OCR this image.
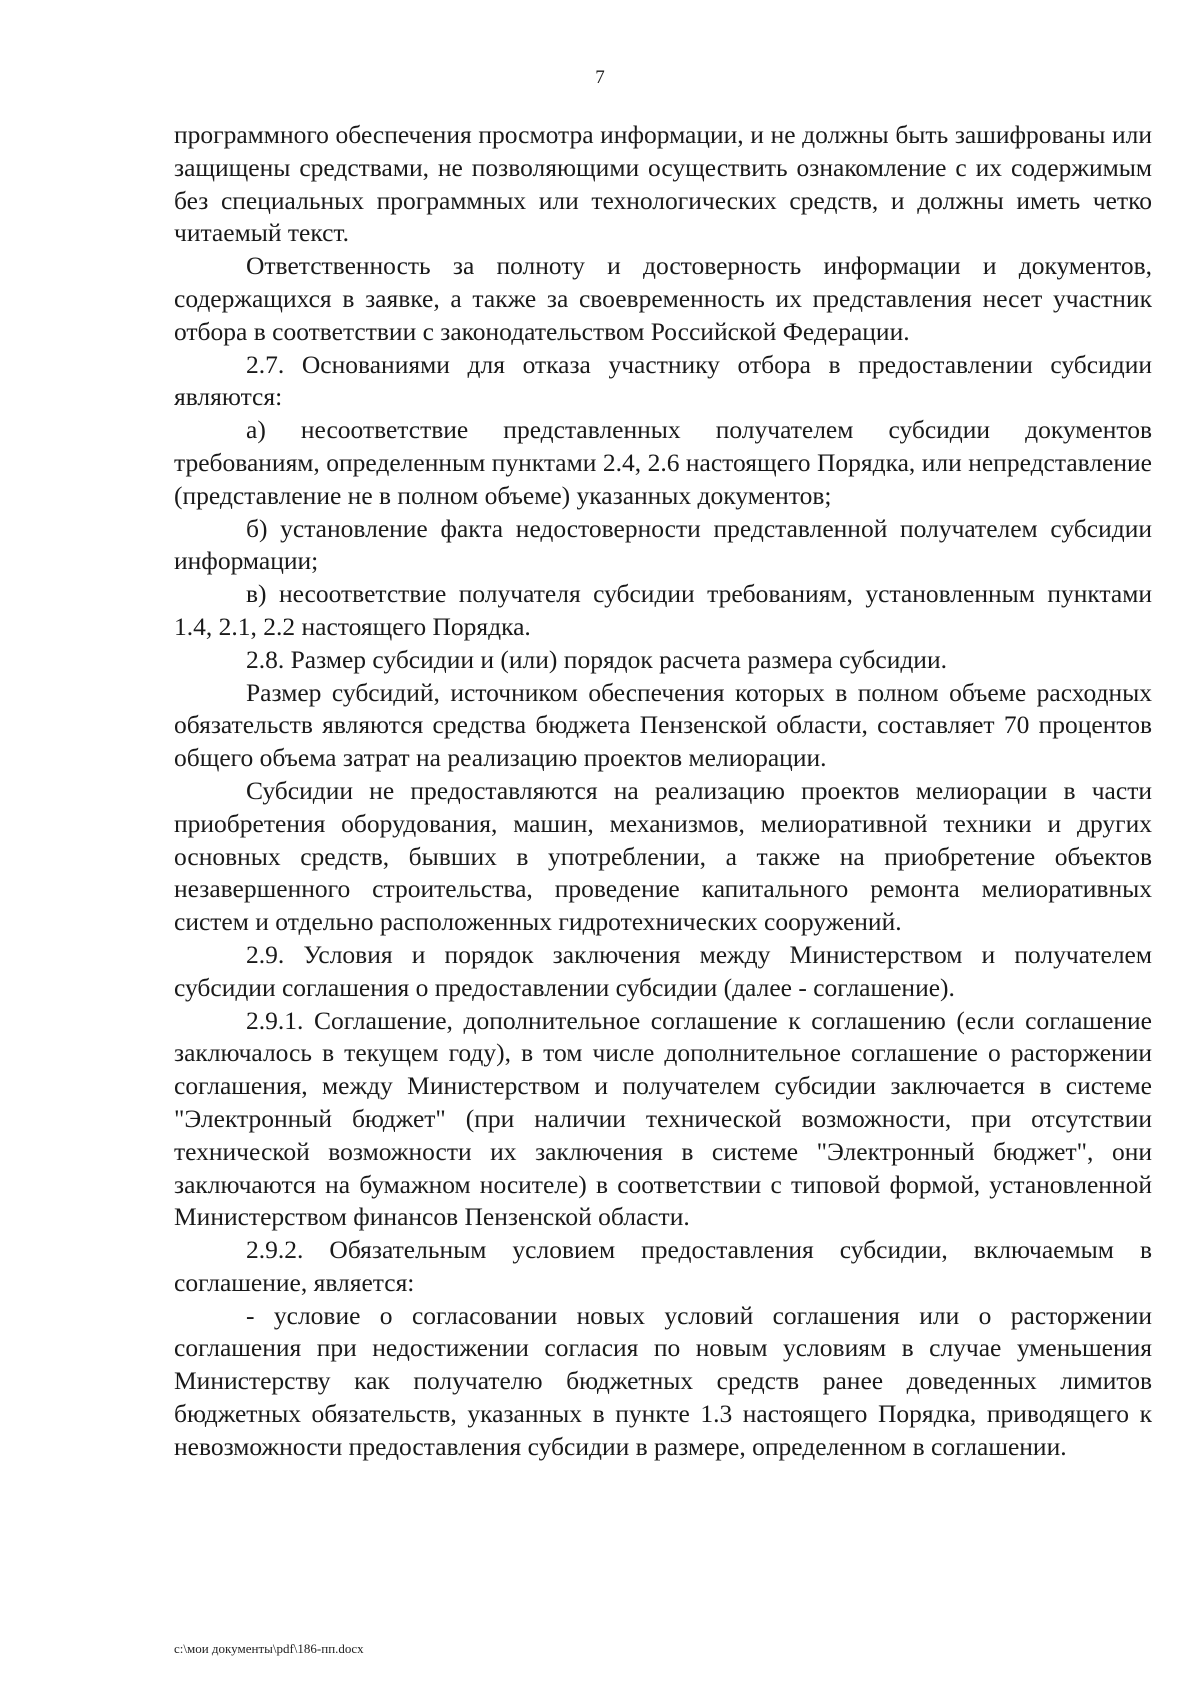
7

программного обеспечения просмотра информации, и не должны быть зашифрованы или защищены средствами, не позволяющими осуществить ознакомление с их содержимым без специальных программных или технологических средств, и должны иметь четко читаемый текст.

Ответственность за полноту и достоверность информации и документов, содержащихся в заявке, а также за своевременность их представления несет участник отбора в соответствии с законодательством Российской Федерации.

2.7. Основаниями для отказа участнику отбора в предоставлении субсидии являются:

а) несоответствие представленных получателем субсидии документов требованиям, определенным пунктами 2.4, 2.6 настоящего Порядка, или непредставление (представление не в полном объеме) указанных документов;

б) установление факта недостоверности представленной получателем субсидии информации;

в) несоответствие получателя субсидии требованиям, установленным пунктами 1.4, 2.1, 2.2 настоящего Порядка.

2.8. Размер субсидии и (или) порядок расчета размера субсидии.

Размер субсидий, источником обеспечения которых в полном объеме расходных обязательств являются средства бюджета Пензенской области, составляет 70 процентов общего объема затрат на реализацию проектов мелиорации.

Субсидии не предоставляются на реализацию проектов мелиорации в части приобретения оборудования, машин, механизмов, мелиоративной техники и других основных средств, бывших в употреблении, а также на приобретение объектов незавершенного строительства, проведение капитального ремонта мелиоративных систем и отдельно расположенных гидротехнических сооружений.

2.9. Условия и порядок заключения между Министерством и получателем субсидии соглашения о предоставлении субсидии (далее - соглашение).

2.9.1. Соглашение, дополнительное соглашение к соглашению (если соглашение заключалось в текущем году), в том числе дополнительное соглашение о расторжении соглашения, между Министерством и получателем субсидии заключается в системе "Электронный бюджет" (при наличии технической возможности, при отсутствии технической возможности их заключения в системе "Электронный бюджет", они заключаются на бумажном носителе) в соответствии с типовой формой, установленной Министерством финансов Пензенской области.

2.9.2. Обязательным условием предоставления субсидии, включаемым в соглашение, является:

- условие о согласовании новых условий соглашения или о расторжении соглашения при недостижении согласия по новым условиям в случае уменьшения Министерству как получателю бюджетных средств ранее доведенных лимитов бюджетных обязательств, указанных в пункте 1.3 настоящего Порядка, приводящего к невозможности предоставления субсидии в размере, определенном в соглашении.

c:\мои документы\pdf\186-пп.docx
